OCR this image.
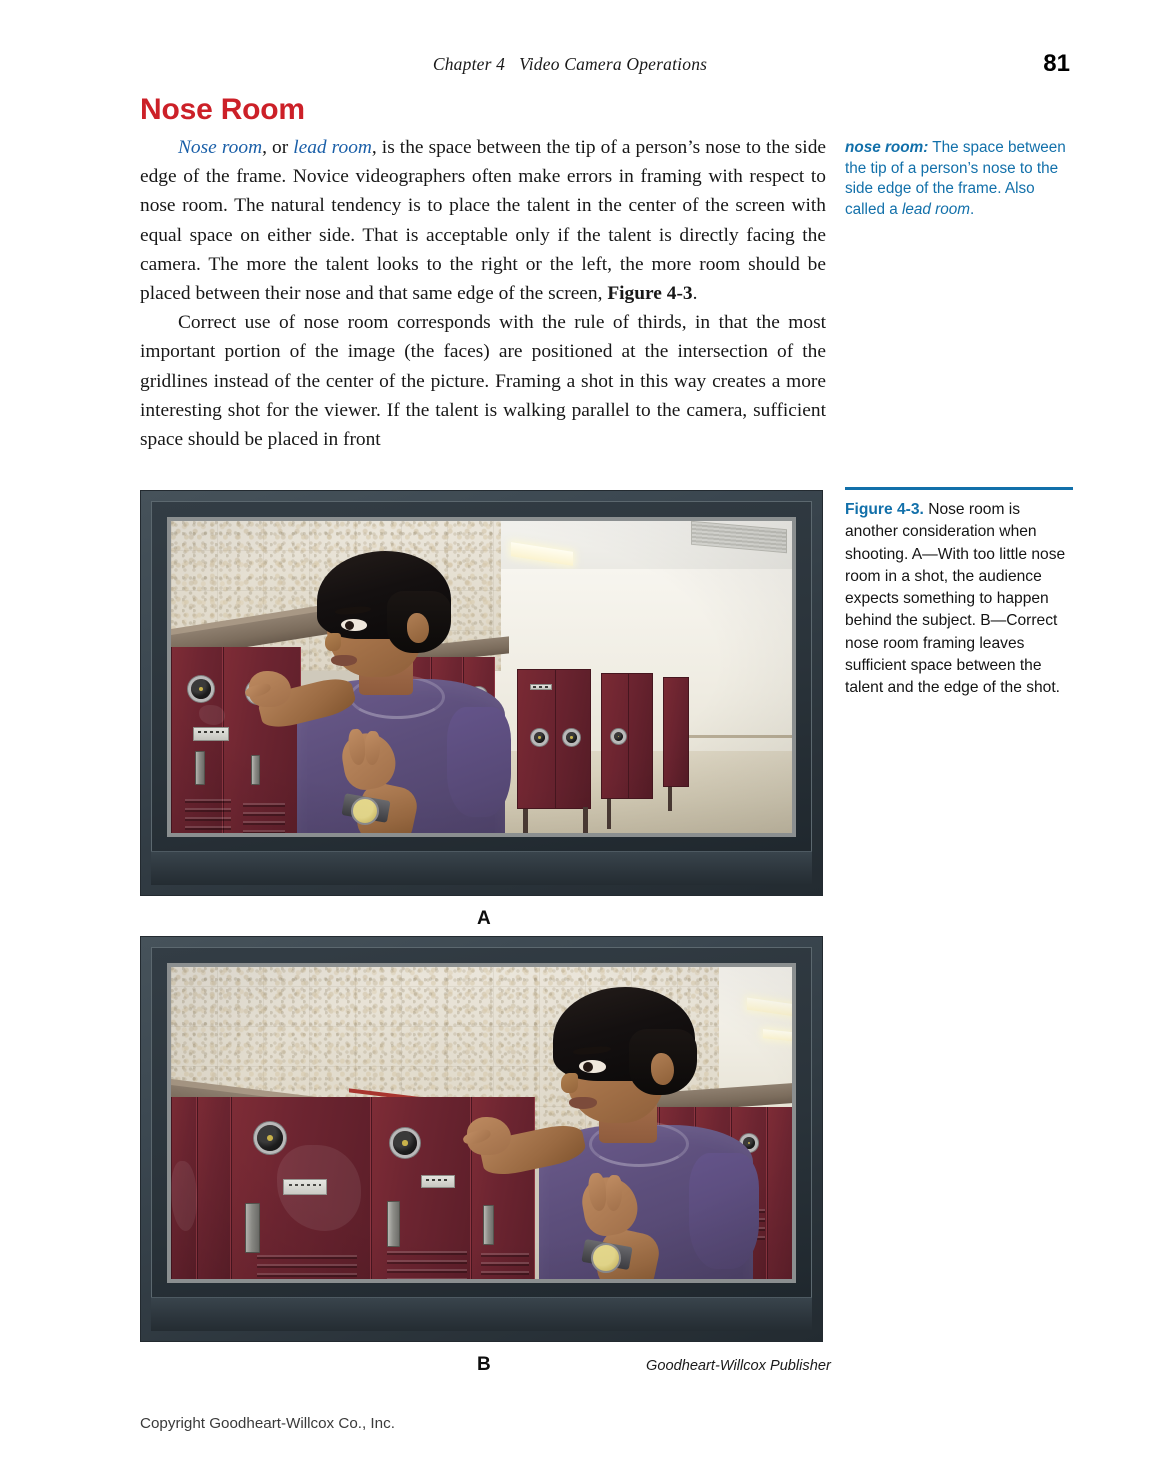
Chapter 4 Video Camera Operations	81
Nose Room

Nose room, or lead room, is the space between the tip of a person’s nose to the side edge of the frame. Novice videographers often make errors in framing with respect to nose room. The natural tendency is to place the talent in the center of the screen with equal space on either side. That is acceptable only if the talent is directly facing the camera. The more the talent looks to the right or the left, the more room should be placed between their nose and that same edge of the screen, Figure 4-3.

Correct use of nose room corresponds with the rule of thirds, in that the most important portion of the image (the faces) are positioned at the intersection of the gridlines instead of the center of the picture. Framing a shot in this way creates a more interesting shot for the viewer. If the talent is walking parallel to the camera, sufficient space should be placed in front

nose room: The space between the tip of a person’s nose to the side edge of the frame. Also called a lead room.
Figure 4-3. Nose room is another consideration when shooting. A—With too little nose room in a shot, the audience expects something to happen behind the subject. B—Correct nose room framing leaves sufficient space between the talent and the edge of the shot.
A
B	Goodheart-Willcox Publisher
Copyright Goodheart-Willcox Co., Inc.
